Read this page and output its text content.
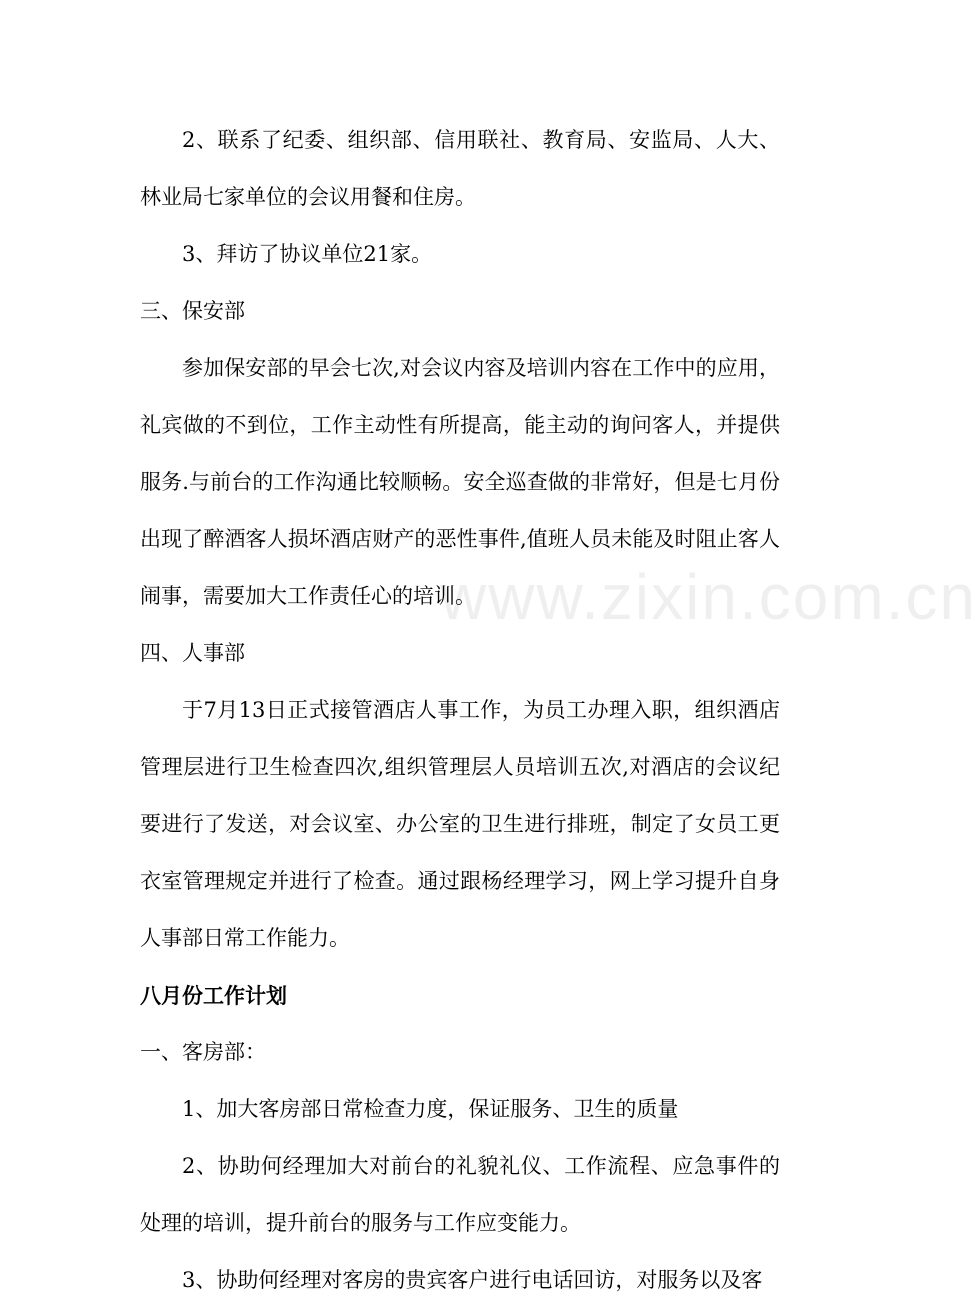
www.zixin.com.cn

2、联系了纪委、组织部、信用联社、教育局、安监局、人大、林业局七家单位的会议用餐和住房。

3、拜访了协议单位21家。

三、保安部

参加保安部的早会七次,对会议内容及培训内容在工作中的应用，礼宾做的不到位，工作主动性有所提高，能主动的询问客人，并提供服务.与前台的工作沟通比较顺畅。安全巡查做的非常好，但是七月份出现了醉酒客人损坏酒店财产的恶性事件,值班人员未能及时阻止客人闹事，需要加大工作责任心的培训。

四、人事部

于7月13日正式接管酒店人事工作，为员工办理入职，组织酒店管理层进行卫生检查四次,组织管理层人员培训五次,对酒店的会议纪要进行了发送，对会议室、办公室的卫生进行排班，制定了女员工更衣室管理规定并进行了检查。通过跟杨经理学习，网上学习提升自身人事部日常工作能力。

八月份工作计划

一、客房部：

1、加大客房部日常检查力度，保证服务、卫生的质量

2、协助何经理加大对前台的礼貌礼仪、工作流程、应急事件的处理的培训，提升前台的服务与工作应变能力。

3、协助何经理对客房的贵宾客户进行电话回访，对服务以及客
